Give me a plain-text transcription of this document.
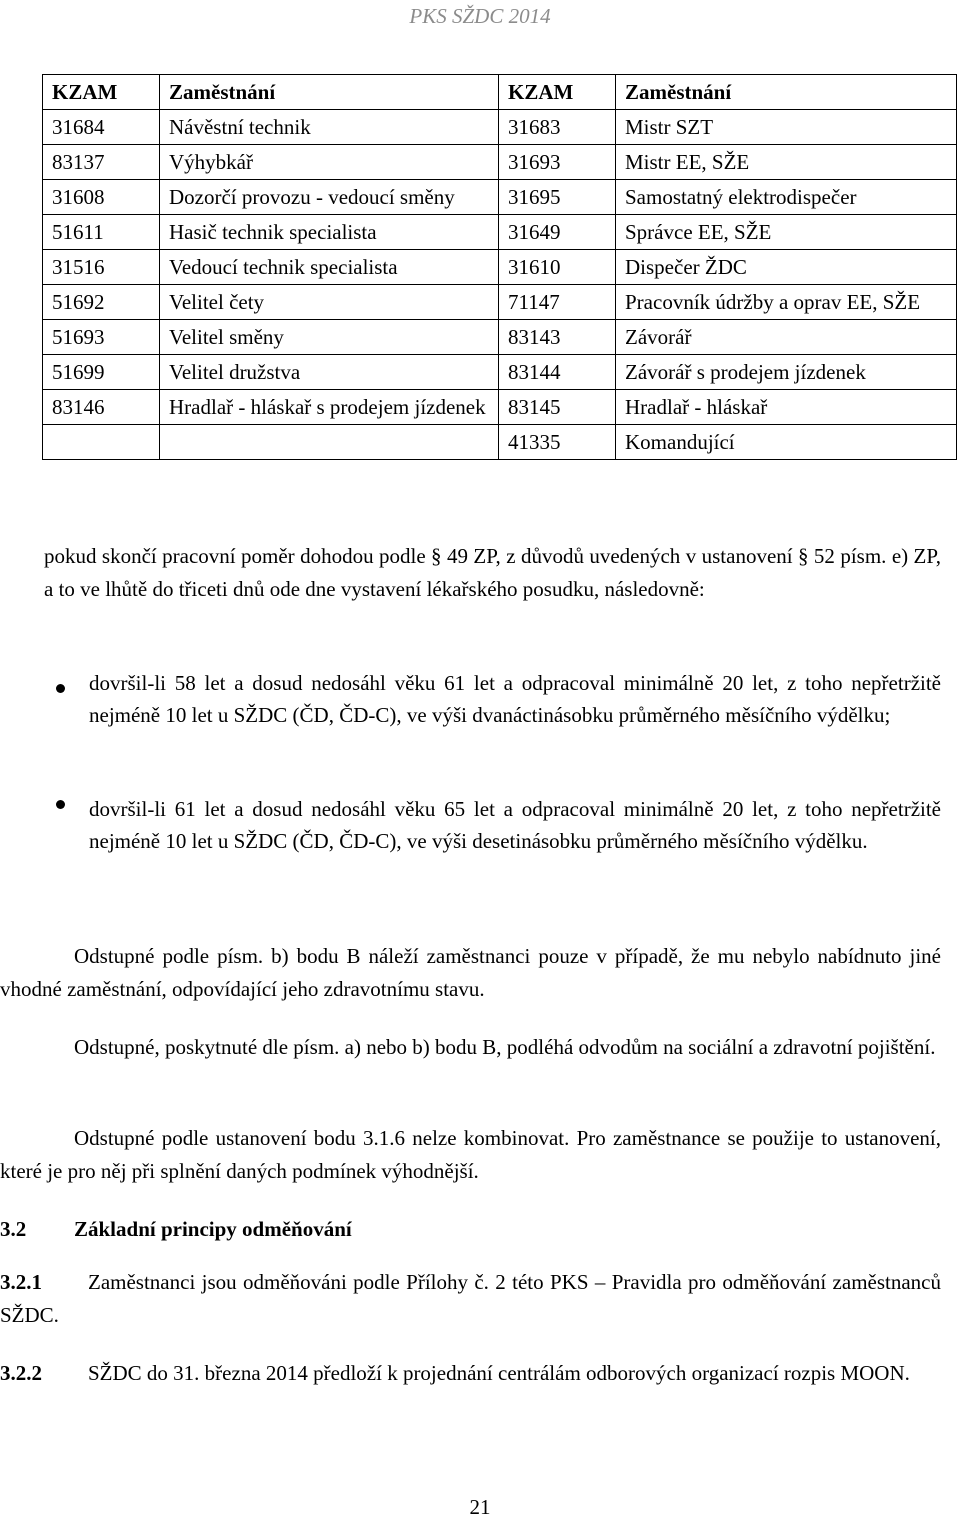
PKS SŽDC 2014
KZAM	Zaměstnání	KZAM	Zaměstnání
31684	Návěstní technik	31683	Mistr SZT
83137	Výhybkář	31693	Mistr EE, SŽE
31608	Dozorčí provozu - vedoucí směny	31695	Samostatný elektrodispečer
51611	Hasič technik specialista	31649	Správce EE, SŽE
31516	Vedoucí technik specialista	31610	Dispečer ŽDC
51692	Velitel čety	71147	Pracovník údržby a oprav EE, SŽE
51693	Velitel směny	83143	Závorář
51699	Velitel družstva	83144	Závorář s prodejem jízdenek
83146	Hradlař - hláskař s prodejem jízdenek	83145	Hradlař - hláskař
		41335	Komandující
pokud skončí pracovní poměr dohodou podle § 49 ZP, z důvodů uvedených v ustanovení § 52 písm. e) ZP, a to ve lhůtě do třiceti dnů ode dne vystavení lékařského posudku, následovně:
dovršil-li 58 let a dosud nedosáhl věku 61 let a odpracoval minimálně 20 let, z toho nepřetržitě nejméně 10 let u SŽDC (ČD, ČD-C), ve výši dvanáctinásobku průměrného měsíčního výdělku;
dovršil-li 61 let a dosud nedosáhl věku 65 let a odpracoval minimálně 20 let, z toho nepřetržitě nejméně 10 let u SŽDC (ČD, ČD-C), ve výši desetinásobku průměrného měsíčního výdělku.
Odstupné podle písm. b) bodu B náleží zaměstnanci pouze v případě, že mu nebylo nabídnuto jiné vhodné zaměstnání, odpovídající jeho zdravotnímu stavu.
Odstupné, poskytnuté dle písm. a) nebo b) bodu B, podléhá odvodům na sociální a zdravotní pojištění.
Odstupné podle ustanovení bodu 3.1.6 nelze kombinovat. Pro zaměstnance se použije to ustanovení, které je pro něj při splnění daných podmínek výhodnější.
3.2 Základní principy odměňování
3.2.1 Zaměstnanci jsou odměňováni podle Přílohy č. 2 této PKS – Pravidla pro odměňování zaměstnanců SŽDC.
3.2.2 SŽDC do 31. března 2014 předloží k projednání centrálám odborových organizací rozpis MOON.
21
